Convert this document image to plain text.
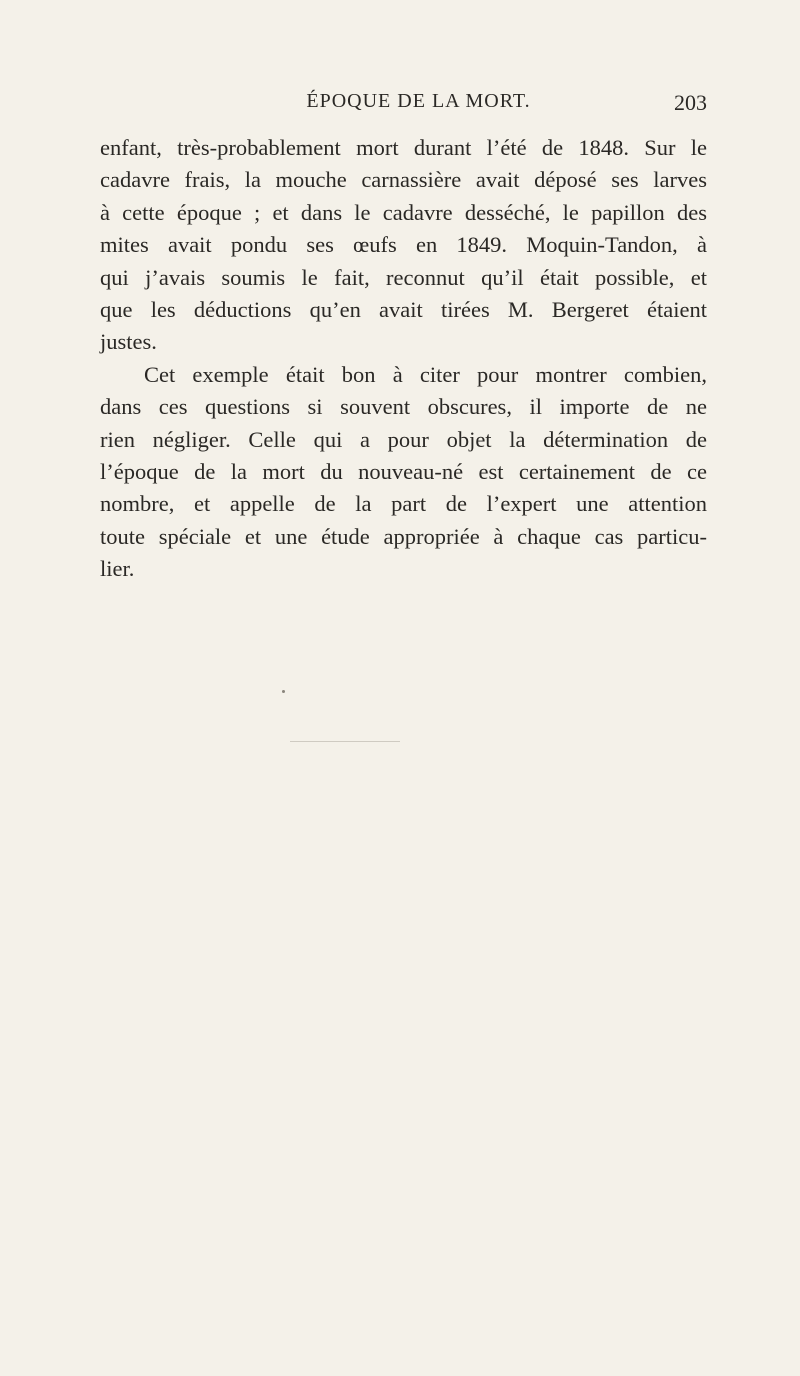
ÉPOQUE DE LA MORT.	203
enfant, très-probablement mort durant l’été de 1848. Sur le
cadavre frais, la mouche carnassière avait déposé ses larves
à cette époque ; et dans le cadavre desséché, le papillon des
mites avait pondu ses œufs en 1849. Moquin-Tandon, à
qui j’avais soumis le fait, reconnut qu’il était possible, et
que les déductions qu’en avait tirées M. Bergeret étaient
justes.
Cet exemple était bon à citer pour montrer combien,
dans ces questions si souvent obscures, il importe de ne
rien négliger. Celle qui a pour objet la détermination de
l’époque de la mort du nouveau-né est certainement de ce
nombre, et appelle de la part de l’expert une attention
toute spéciale et une étude appropriée à chaque cas particu-
lier.
